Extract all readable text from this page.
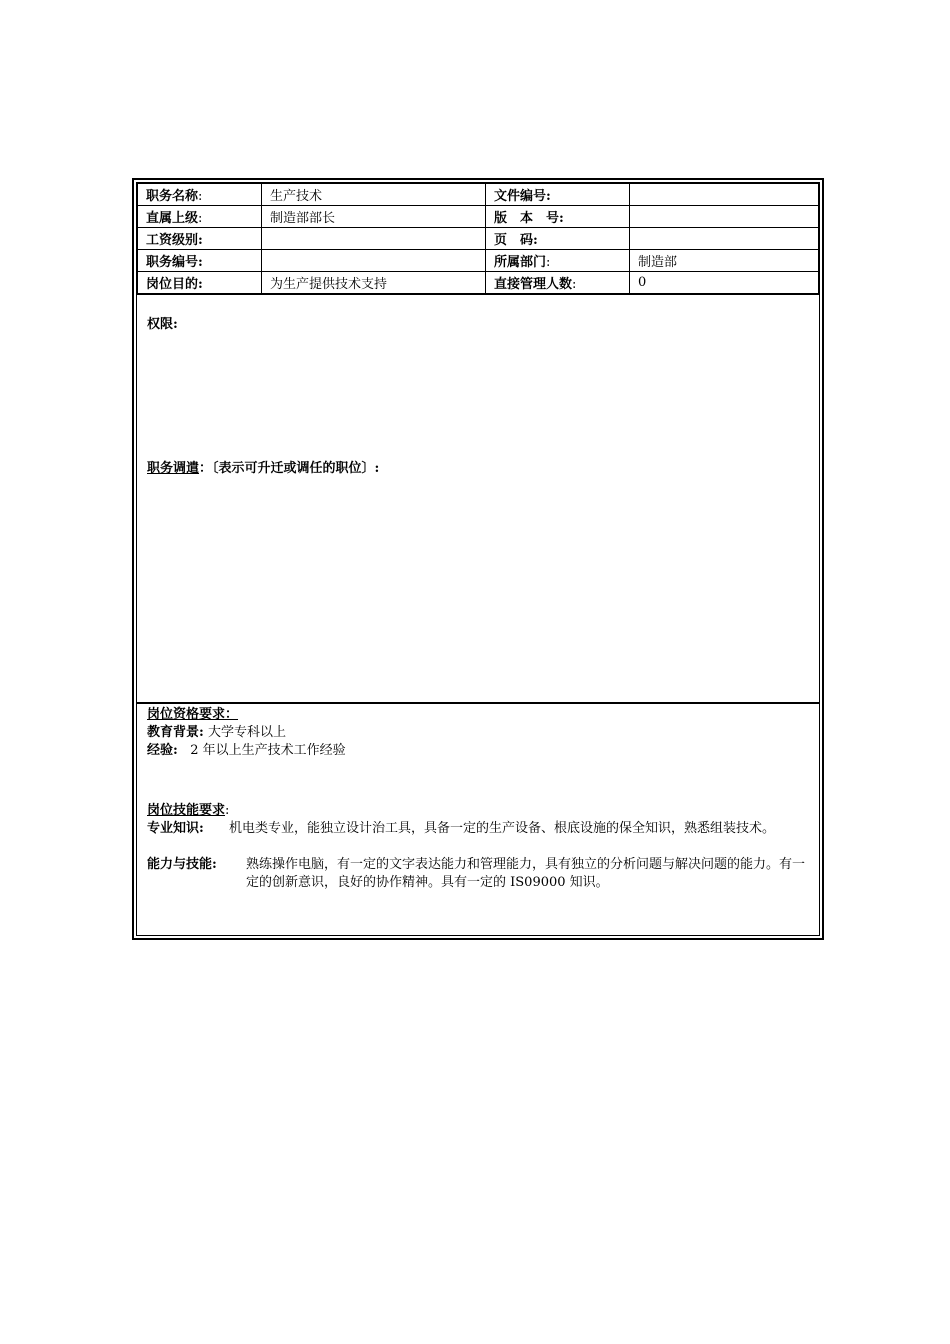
职务名称:	生产技术	文件编号:	
直属上级:	制造部部长	版　本　号:	
工资级别:		页　码:	
职务编号:		所属部门:	制造部
岗位目的:	为生产提供技术支持	直接管理人数:	0
权限:
职务调遣：〔表示可升迁或调任的职位〕:
岗位资格要求：
教育背景: 大学专科以上
经验: 2 年以上生产技术工作经验
岗位技能要求:
专业知识: 机电类专业，能独立设计治工具，具备一定的生产设备、根底设施的保全知识，熟悉组装技术。
能力与技能: 熟练操作电脑，有一定的文字表达能力和管理能力，具有独立的分析问题与解决问题的能力。有一定的创新意识，良好的协作精神。具有一定的 IS09000 知识。
